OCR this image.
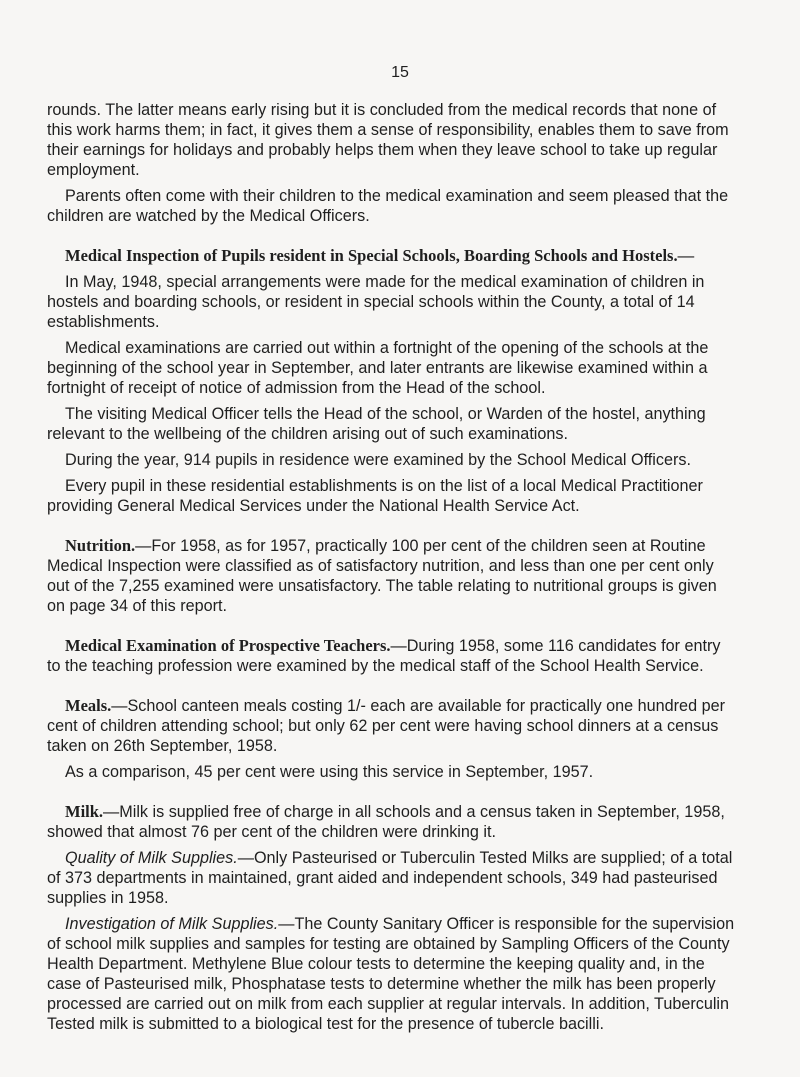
15

rounds. The latter means early rising but it is concluded from the medical records that none of this work harms them; in fact, it gives them a sense of responsibility, enables them to save from their earnings for holidays and probably helps them when they leave school to take up regular employment.

Parents often come with their children to the medical examination and seem pleased that the children are watched by the Medical Officers.

Medical Inspection of Pupils resident in Special Schools, Boarding Schools and Hostels.—

In May, 1948, special arrangements were made for the medical examination of children in hostels and boarding schools, or resident in special schools within the County, a total of 14 establishments.

Medical examinations are carried out within a fortnight of the opening of the schools at the beginning of the school year in September, and later entrants are likewise examined within a fortnight of receipt of notice of admission from the Head of the school.

The visiting Medical Officer tells the Head of the school, or Warden of the hostel, anything relevant to the wellbeing of the children arising out of such examinations.

During the year, 914 pupils in residence were examined by the School Medical Officers.

Every pupil in these residential establishments is on the list of a local Medical Practitioner providing General Medical Services under the National Health Service Act.

Nutrition.—For 1958, as for 1957, practically 100 per cent of the children seen at Routine Medical Inspection were classified as of satisfactory nutrition, and less than one per cent only out of the 7,255 examined were unsatisfactory. The table relating to nutritional groups is given on page 34 of this report.

Medical Examination of Prospective Teachers.—During 1958, some 116 candidates for entry to the teaching profession were examined by the medical staff of the School Health Service.

Meals.—School canteen meals costing 1/- each are available for practically one hundred per cent of children attending school; but only 62 per cent were having school dinners at a census taken on 26th September, 1958.

As a comparison, 45 per cent were using this service in September, 1957.

Milk.—Milk is supplied free of charge in all schools and a census taken in September, 1958, showed that almost 76 per cent of the children were drinking it.

Quality of Milk Supplies.—Only Pasteurised or Tuberculin Tested Milks are supplied; of a total of 373 departments in maintained, grant aided and independent schools, 349 had pasteurised supplies in 1958.

Investigation of Milk Supplies.—The County Sanitary Officer is responsible for the supervision of school milk supplies and samples for testing are obtained by Sampling Officers of the County Health Department. Methylene Blue colour tests to determine the keeping quality and, in the case of Pasteurised milk, Phosphatase tests to determine whether the milk has been properly processed are carried out on milk from each supplier at regular intervals. In addition, Tuberculin Tested milk is submitted to a biological test for the presence of tubercle bacilli.
